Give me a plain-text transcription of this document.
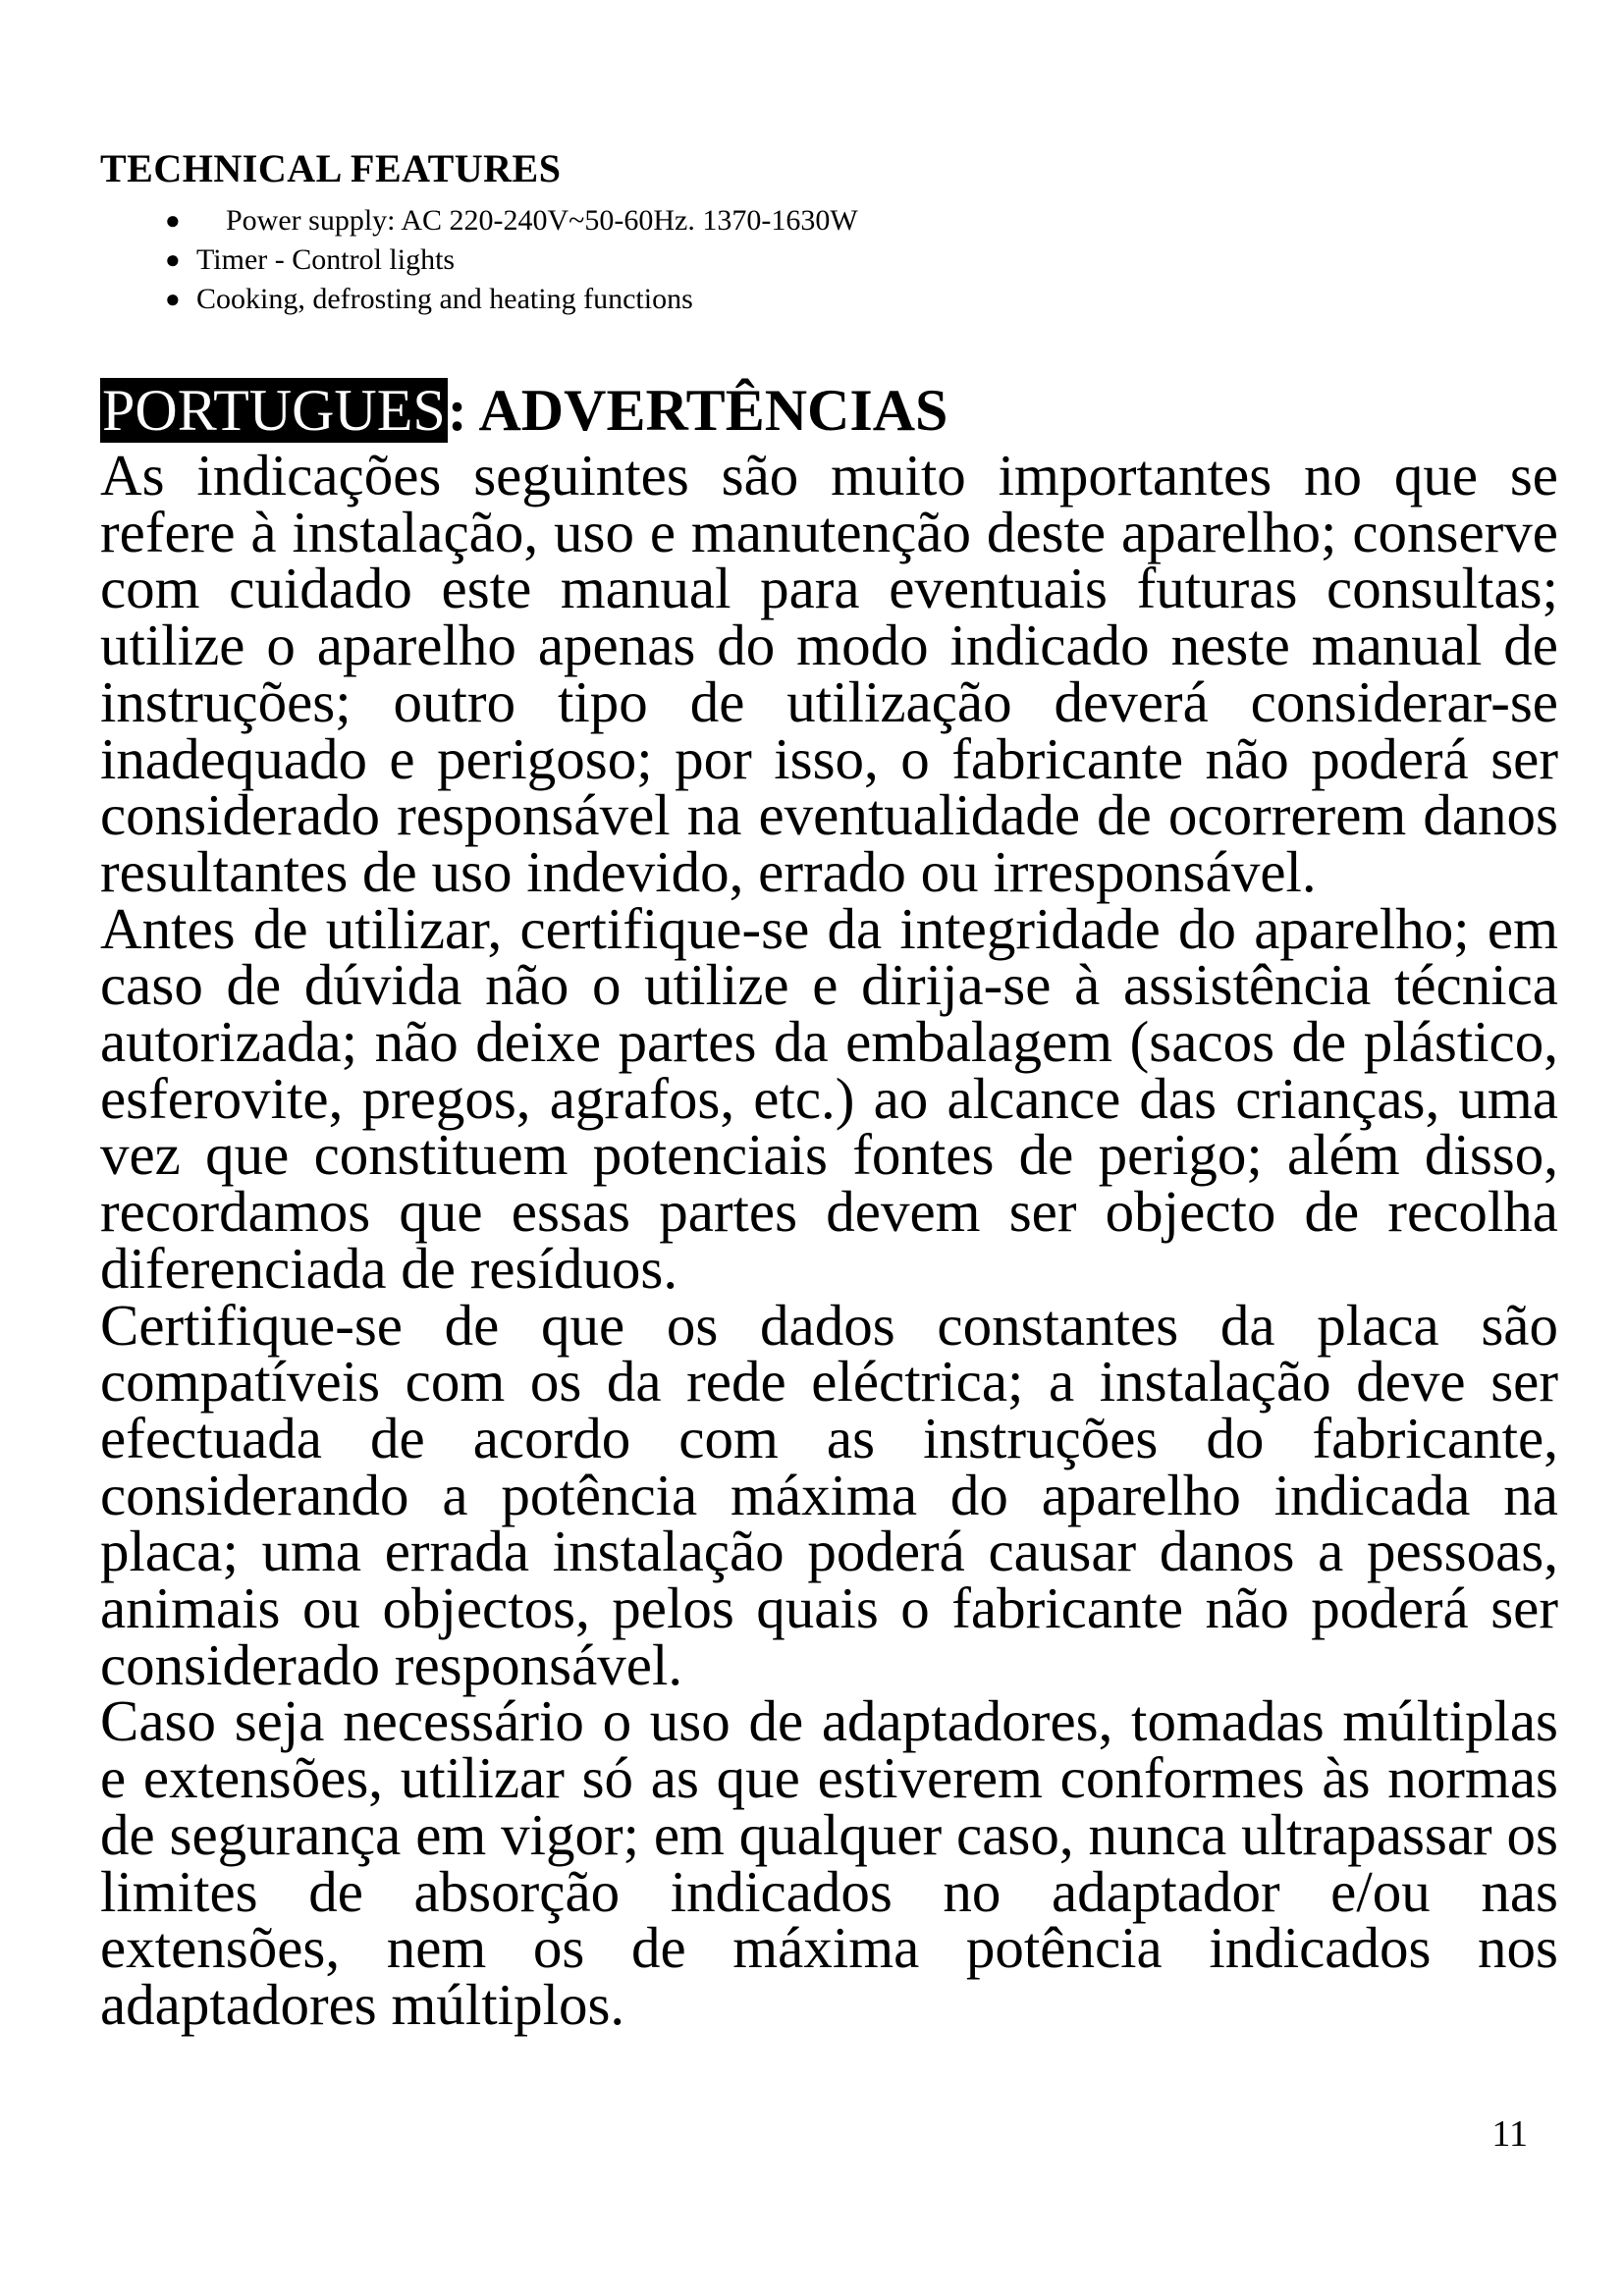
TECHNICAL FEATURES
● Power supply: AC 220-240V~50-60Hz. 1370-1630W
● Timer - Control lights
● Cooking, defrosting and heating functions
PORTUGUES: ADVERTÊNCIAS

As indicações seguintes são muito importantes no que se refere à instalação, uso e manutenção deste aparelho; conserve com cuidado este manual para eventuais futuras consultas; utilize o aparelho apenas do modo indicado neste manual de instruções; outro tipo de utilização deverá considerar-se inadequado e perigoso; por isso, o fabricante não poderá ser considerado responsável na eventualidade de ocorrerem danos resultantes de uso indevido, errado ou irresponsável.

Antes de utilizar, certifique-se da integridade do aparelho; em caso de dúvida não o utilize e dirija-se à assistência técnica autorizada; não deixe partes da embalagem (sacos de plástico, esferovite, pregos, agrafos, etc.) ao alcance das crianças, uma vez que constituem potenciais fontes de perigo; além disso, recordamos que essas partes devem ser objecto de recolha diferenciada de resíduos.

Certifique-se de que os dados constantes da placa são compatíveis com os da rede eléctrica; a instalação deve ser efectuada de acordo com as instruções do fabricante, considerando a potência máxima do aparelho indicada na placa; uma errada instalação poderá causar danos a pessoas, animais ou objectos, pelos quais o fabricante não poderá ser considerado responsável.

Caso seja necessário o uso de adaptadores, tomadas múltiplas e extensões, utilizar só as que estiverem conformes às normas de segurança em vigor; em qualquer caso, nunca ultrapassar os limites de absorção indicados no adaptador e/ou nas extensões, nem os de máxima potência indicados nos adaptadores múltiplos.

11
